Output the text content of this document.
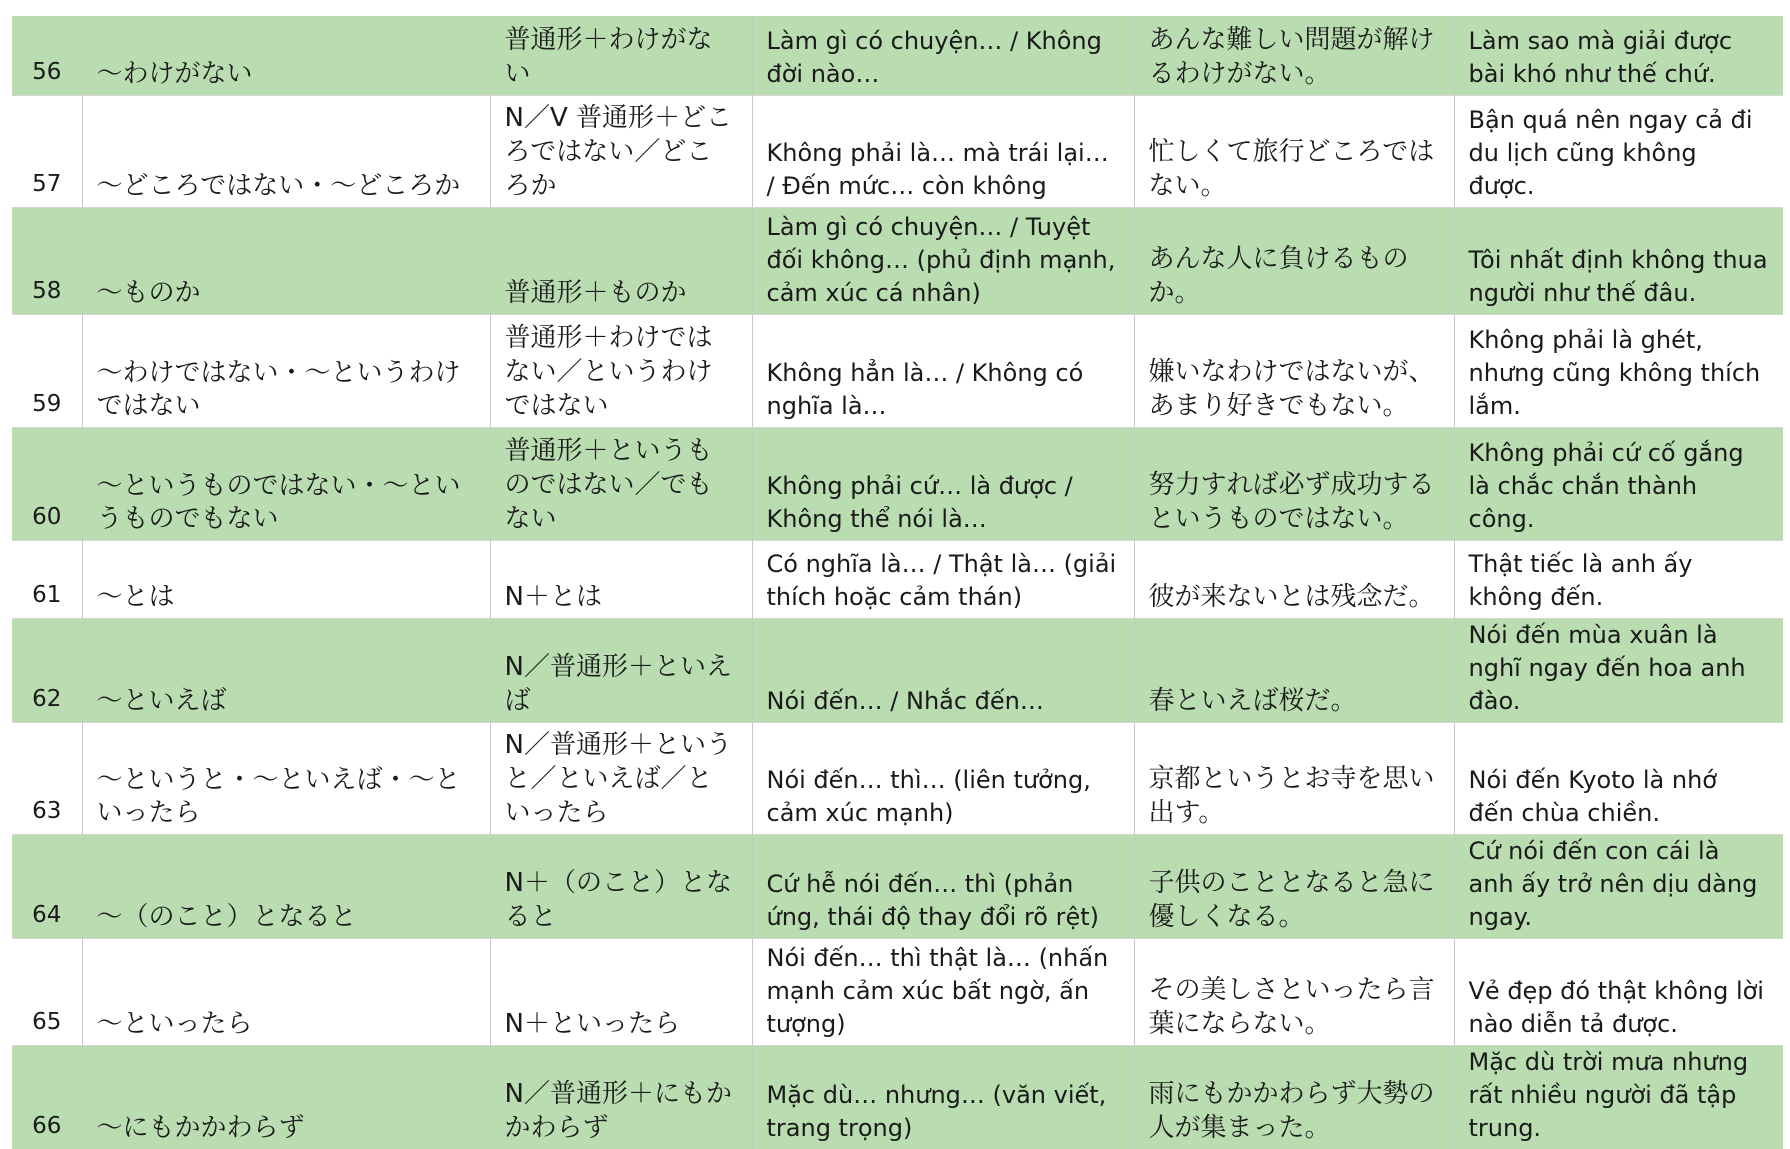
56	～わけがない	普通形＋わけがない	Làm gì có chuyện… / Không đời nào…	あんな難しい問題が解けるわけがない。	Làm sao mà giải được bài khó như thế chứ.

57	～どころではない・～どころか	N／V 普通形＋どころではない／どころか	Không phải là… mà trái lại… / Đến mức… còn không	忙しくて旅行どころではない。	Bận quá nên ngay cả đi du lịch cũng không được.

58	～ものか	普通形＋ものか	Làm gì có chuyện… / Tuyệt đối không… (phủ định mạnh, cảm xúc cá nhân)	あんな人に負けるものか。	Tôi nhất định không thua người như thế đâu.

59	～わけではない・～というわけではない	普通形＋わけではない／というわけではない	Không hẳn là… / Không có nghĩa là…	嫌いなわけではないが、あまり好きでもない。	Không phải là ghét, nhưng cũng không thích lắm.

60	～というものではない・～というものでもない	普通形＋というものではない／でもない	Không phải cứ… là được / Không thể nói là…	努力すれば必ず成功するというものではない。	Không phải cứ cố gắng là chắc chắn thành công.

61	～とは	N＋とは	Có nghĩa là… / Thật là… (giải thích hoặc cảm thán)	彼が来ないとは残念だ。	Thật tiếc là anh ấy không đến.

62	～といえば	N／普通形＋といえば	Nói đến… / Nhắc đến…	春といえば桜だ。	Nói đến mùa xuân là nghĩ ngay đến hoa anh đào.

63	～というと・～といえば・～といったら	N／普通形＋というと／といえば／といったら	Nói đến… thì… (liên tưởng, cảm xúc mạnh)	京都というとお寺を思い出す。	Nói đến Kyoto là nhớ đến chùa chiền.

64	～（のこと）となると	N＋（のこと）となると	Cứ hễ nói đến… thì (phản ứng, thái độ thay đổi rõ rệt)	子供のこととなると急に優しくなる。	Cứ nói đến con cái là anh ấy trở nên dịu dàng ngay.

65	～といったら	N＋といったら	Nói đến… thì thật là… (nhấn mạnh cảm xúc bất ngờ, ấn tượng)	その美しさといったら言葉にならない。	Vẻ đẹp đó thật không lời nào diễn tả được.

66	～にもかかわらず	N／普通形＋にもかかわらず	Mặc dù… nhưng… (văn viết, trang trọng)	雨にもかかわらず大勢の人が集まった。	Mặc dù trời mưa nhưng rất nhiều người đã tập trung.
